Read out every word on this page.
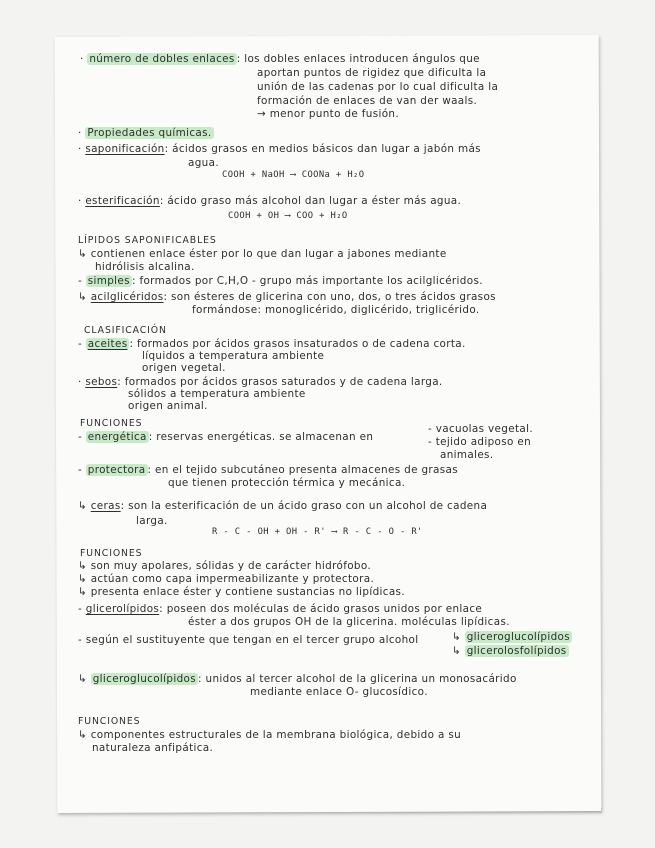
· número de dobles enlaces : los dobles enlaces introducen ángulos que
aportan puntos de rigidez que dificulta la
unión de las cadenas por lo cual dificulta la
formación de enlaces de van der waals.
→ menor punto de fusión.
· Propiedades químicas.
· saponificación: ácidos grasos en medios básicos dan lugar a jabón más
agua.
COOH + NaOH ⟶ COONa + H₂O
· esterificación: ácido graso más alcohol dan lugar a éster más agua.
COOH + OH ⟶ COO + H₂O
LÍPIDOS SAPONIFICABLES
↳ contienen enlace éster por lo que dan lugar a jabones mediante
hidrólisis alcalina.
- simples : formados por C,H,O - grupo más importante los acilglicéridos.
↳ acilglicéridos: son ésteres de glicerina con uno, dos, o tres ácidos grasos
formándose: monoglicérido, diglicérido, triglicérido.
CLASIFICACIÓN
- aceites : formados por ácidos grasos insaturados o de cadena corta.
líquidos a temperatura ambiente
origen vegetal.
· sebos: formados por ácidos grasos saturados y de cadena larga.
sólidos a temperatura ambiente
origen animal.
FUNCIONES
- energética : reservas energéticas. se almacenan en
- vacuolas vegetal.
- tejido adiposo en
animales.
- protectora : en el tejido subcutáneo presenta almacenes de grasas
que tienen protección térmica y mecánica.
↳ ceras: son la esterificación de un ácido graso con un alcohol de cadena
larga.
R - C - OH + OH - R' ⟶ R - C - O - R'
FUNCIONES
↳ son muy apolares, sólidas y de carácter hidrófobo.
↳ actúan como capa impermeabilizante y protectora.
↳ presenta enlace éster y contiene sustancias no lipídicas.
- glicerolípidos: poseen dos moléculas de ácido grasos unidos por enlace
éster a dos grupos OH de la glicerina. moléculas lipídicas.
- según el sustituyente que tengan en el tercer grupo alcohol	↳ gliceroglucolípidos
↳ glicerolosfolípidos
↳ gliceroglucolípidos : unidos al tercer alcohol de la glicerina un monosacárido
mediante enlace O- glucosídico.
FUNCIONES
↳ componentes estructurales de la membrana biológica, debido a su
naturaleza anfipática.
